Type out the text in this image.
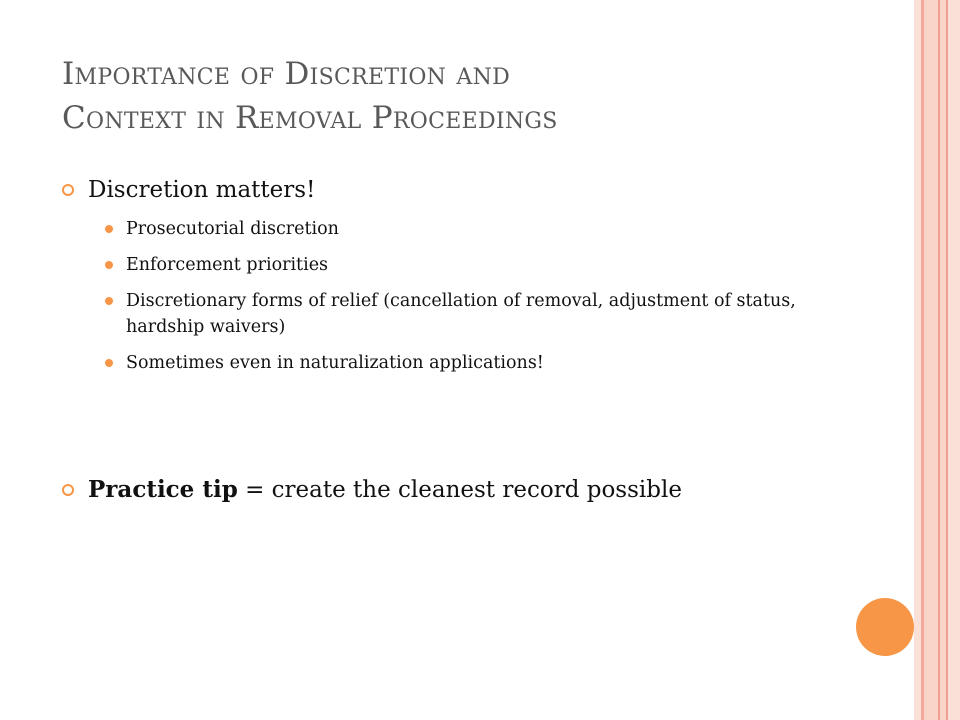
Importance of Discretion and
Context in Removal Proceedings
Discretion matters!
Prosecutorial discretion
Enforcement priorities
Discretionary forms of relief (cancellation of removal, adjustment of status, hardship waivers)
Sometimes even in naturalization applications!
Practice tip = create the cleanest record possible
